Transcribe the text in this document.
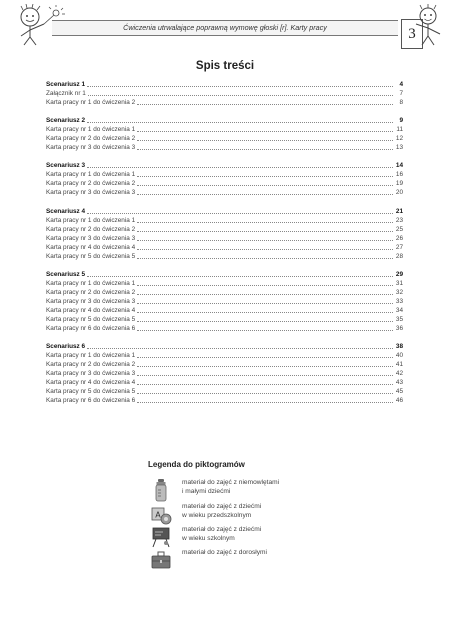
Ćwiczenia utrwalające poprawną wymowę głoski [r]. Karty pracy	3
Spis treści
Scenariusz 1	4
Załącznik nr 1	7
Karta pracy nr 1 do ćwiczenia 2	8
Scenariusz 2	9
Karta pracy nr 1 do ćwiczenia 1	11
Karta pracy nr 2 do ćwiczenia 2	12
Karta pracy nr 3 do ćwiczenia 3	13
Scenariusz 3	14
Karta pracy nr 1 do ćwiczenia 1	16
Karta pracy nr 2 do ćwiczenia 2	19
Karta pracy nr 3 do ćwiczenia 3	20
Scenariusz 4	21
Karta pracy nr 1 do ćwiczenia 1	23
Karta pracy nr 2 do ćwiczenia 2	25
Karta pracy nr 3 do ćwiczenia 3	26
Karta pracy nr 4 do ćwiczenia 4	27
Karta pracy nr 5 do ćwiczenia 5	28
Scenariusz 5	29
Karta pracy nr 1 do ćwiczenia 1	31
Karta pracy nr 2 do ćwiczenia 2	32
Karta pracy nr 3 do ćwiczenia 3	33
Karta pracy nr 4 do ćwiczenia 4	34
Karta pracy nr 5 do ćwiczenia 5	35
Karta pracy nr 6 do ćwiczenia 6	36
Scenariusz 6	38
Karta pracy nr 1 do ćwiczenia 1	40
Karta pracy nr 2 do ćwiczenia 2	41
Karta pracy nr 3 do ćwiczenia 3	42
Karta pracy nr 4 do ćwiczenia 4	43
Karta pracy nr 5 do ćwiczenia 5	45
Karta pracy nr 6 do ćwiczenia 6	46
Legenda do piktogramów
materiał do zajęć z niemowlętami
i małymi dziećmi
A
materiał do zajęć z dziećmi
w wieku przedszkolnym
materiał do zajęć z dziećmi
w wieku szkolnym
materiał do zajęć z dorosłymi
